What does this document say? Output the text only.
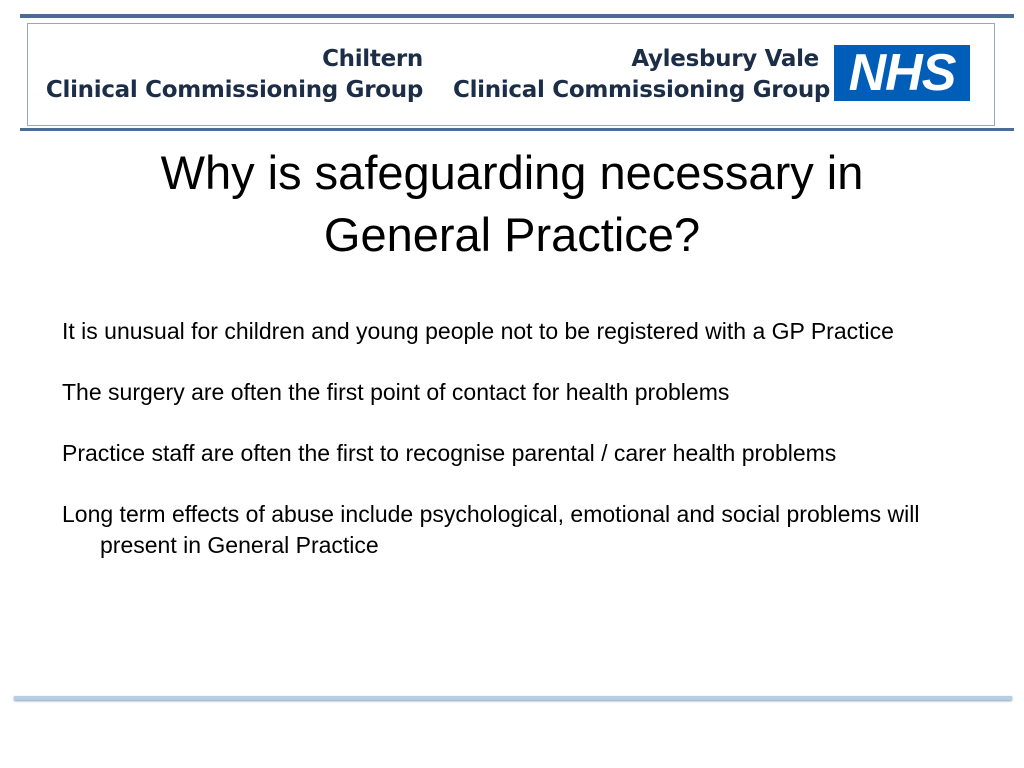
Chiltern
Clinical Commissioning Group
Aylesbury Vale
Clinical Commissioning Group NHS
Why is safeguarding necessary in
General Practice?
It is unusual for children and young people not to be registered with a GP Practice
The surgery are often the first point of contact for health problems
Practice staff are often the first to recognise parental / carer health problems
Long term effects of abuse include psychological, emotional and social problems will present in General Practice
